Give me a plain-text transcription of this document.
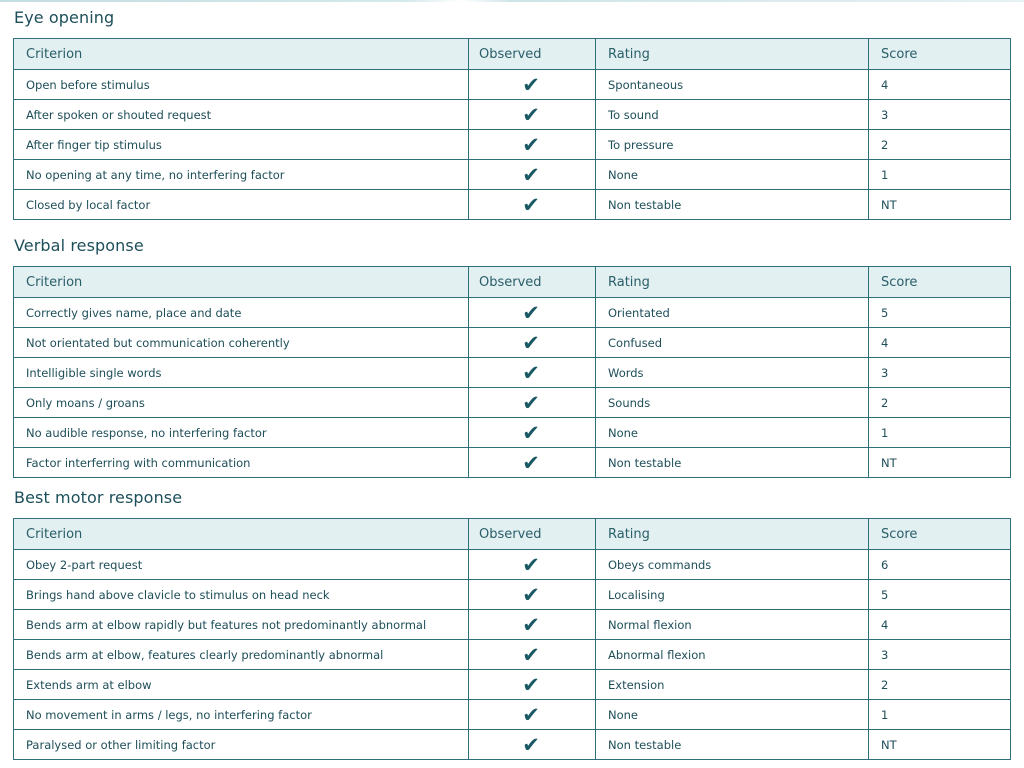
Eye opening
Criterion	Observed	Rating	Score
Open before stimulus	✔	Spontaneous	4
After spoken or shouted request	✔	To sound	3
After finger tip stimulus	✔	To pressure	2
No opening at any time, no interfering factor	✔	None	1
Closed by local factor	✔	Non testable	NT
Verbal response
Criterion	Observed	Rating	Score
Correctly gives name, place and date	✔	Orientated	5
Not orientated but communication coherently	✔	Confused	4
Intelligible single words	✔	Words	3
Only moans / groans	✔	Sounds	2
No audible response, no interfering factor	✔	None	1
Factor interferring with communication	✔	Non testable	NT
Best motor response
Criterion	Observed	Rating	Score
Obey 2-part request	✔	Obeys commands	6
Brings hand above clavicle to stimulus on head neck	✔	Localising	5
Bends arm at elbow rapidly but features not predominantly abnormal	✔	Normal flexion	4
Bends arm at elbow, features clearly predominantly abnormal	✔	Abnormal flexion	3
Extends arm at elbow	✔	Extension	2
No movement in arms / legs, no interfering factor	✔	None	1
Paralysed or other limiting factor	✔	Non testable	NT
